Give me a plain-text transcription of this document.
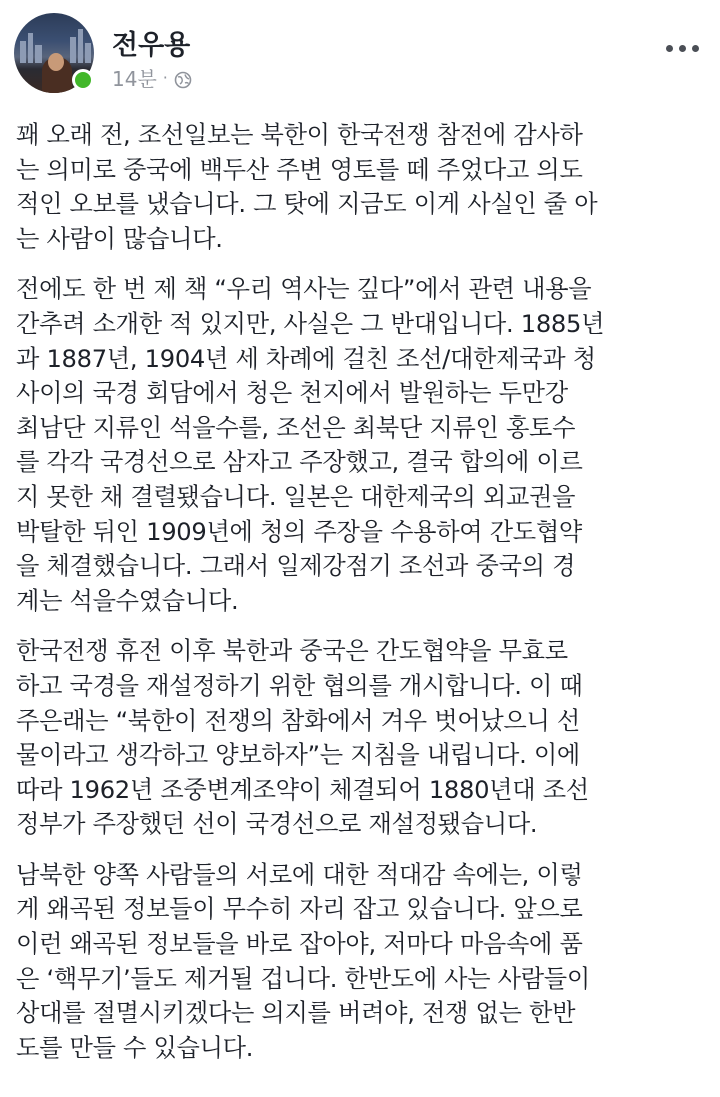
전우용
14분 ·
꽤 오래 전, 조선일보는 북한이 한국전쟁 참전에 감사하
는 의미로 중국에 백두산 주변 영토를 떼 주었다고 의도
적인 오보를 냈습니다. 그 탓에 지금도 이게 사실인 줄 아
는 사람이 많습니다.
전에도 한 번 제 책 “우리 역사는 깊다”에서 관련 내용을
간추려 소개한 적 있지만, 사실은 그 반대입니다. 1885년
과 1887년, 1904년 세 차례에 걸친 조선/대한제국과 청
사이의 국경 회담에서 청은 천지에서 발원하는 두만강
최남단 지류인 석을수를, 조선은 최북단 지류인 홍토수
를 각각 국경선으로 삼자고 주장했고, 결국 합의에 이르
지 못한 채 결렬됐습니다. 일본은 대한제국의 외교권을
박탈한 뒤인 1909년에 청의 주장을 수용하여 간도협약
을 체결했습니다. 그래서 일제강점기 조선과 중국의 경
계는 석을수였습니다.
한국전쟁 휴전 이후 북한과 중국은 간도협약을 무효로
하고 국경을 재설정하기 위한 협의를 개시합니다. 이 때
주은래는 “북한이 전쟁의 참화에서 겨우 벗어났으니 선
물이라고 생각하고 양보하자”는 지침을 내립니다. 이에
따라 1962년 조중변계조약이 체결되어 1880년대 조선
정부가 주장했던 선이 국경선으로 재설정됐습니다.
남북한 양쪽 사람들의 서로에 대한 적대감 속에는, 이렇
게 왜곡된 정보들이 무수히 자리 잡고 있습니다. 앞으로
이런 왜곡된 정보들을 바로 잡아야, 저마다 마음속에 품
은 ‘핵무기’들도 제거될 겁니다. 한반도에 사는 사람들이
상대를 절멸시키겠다는 의지를 버려야, 전쟁 없는 한반
도를 만들 수 있습니다.
